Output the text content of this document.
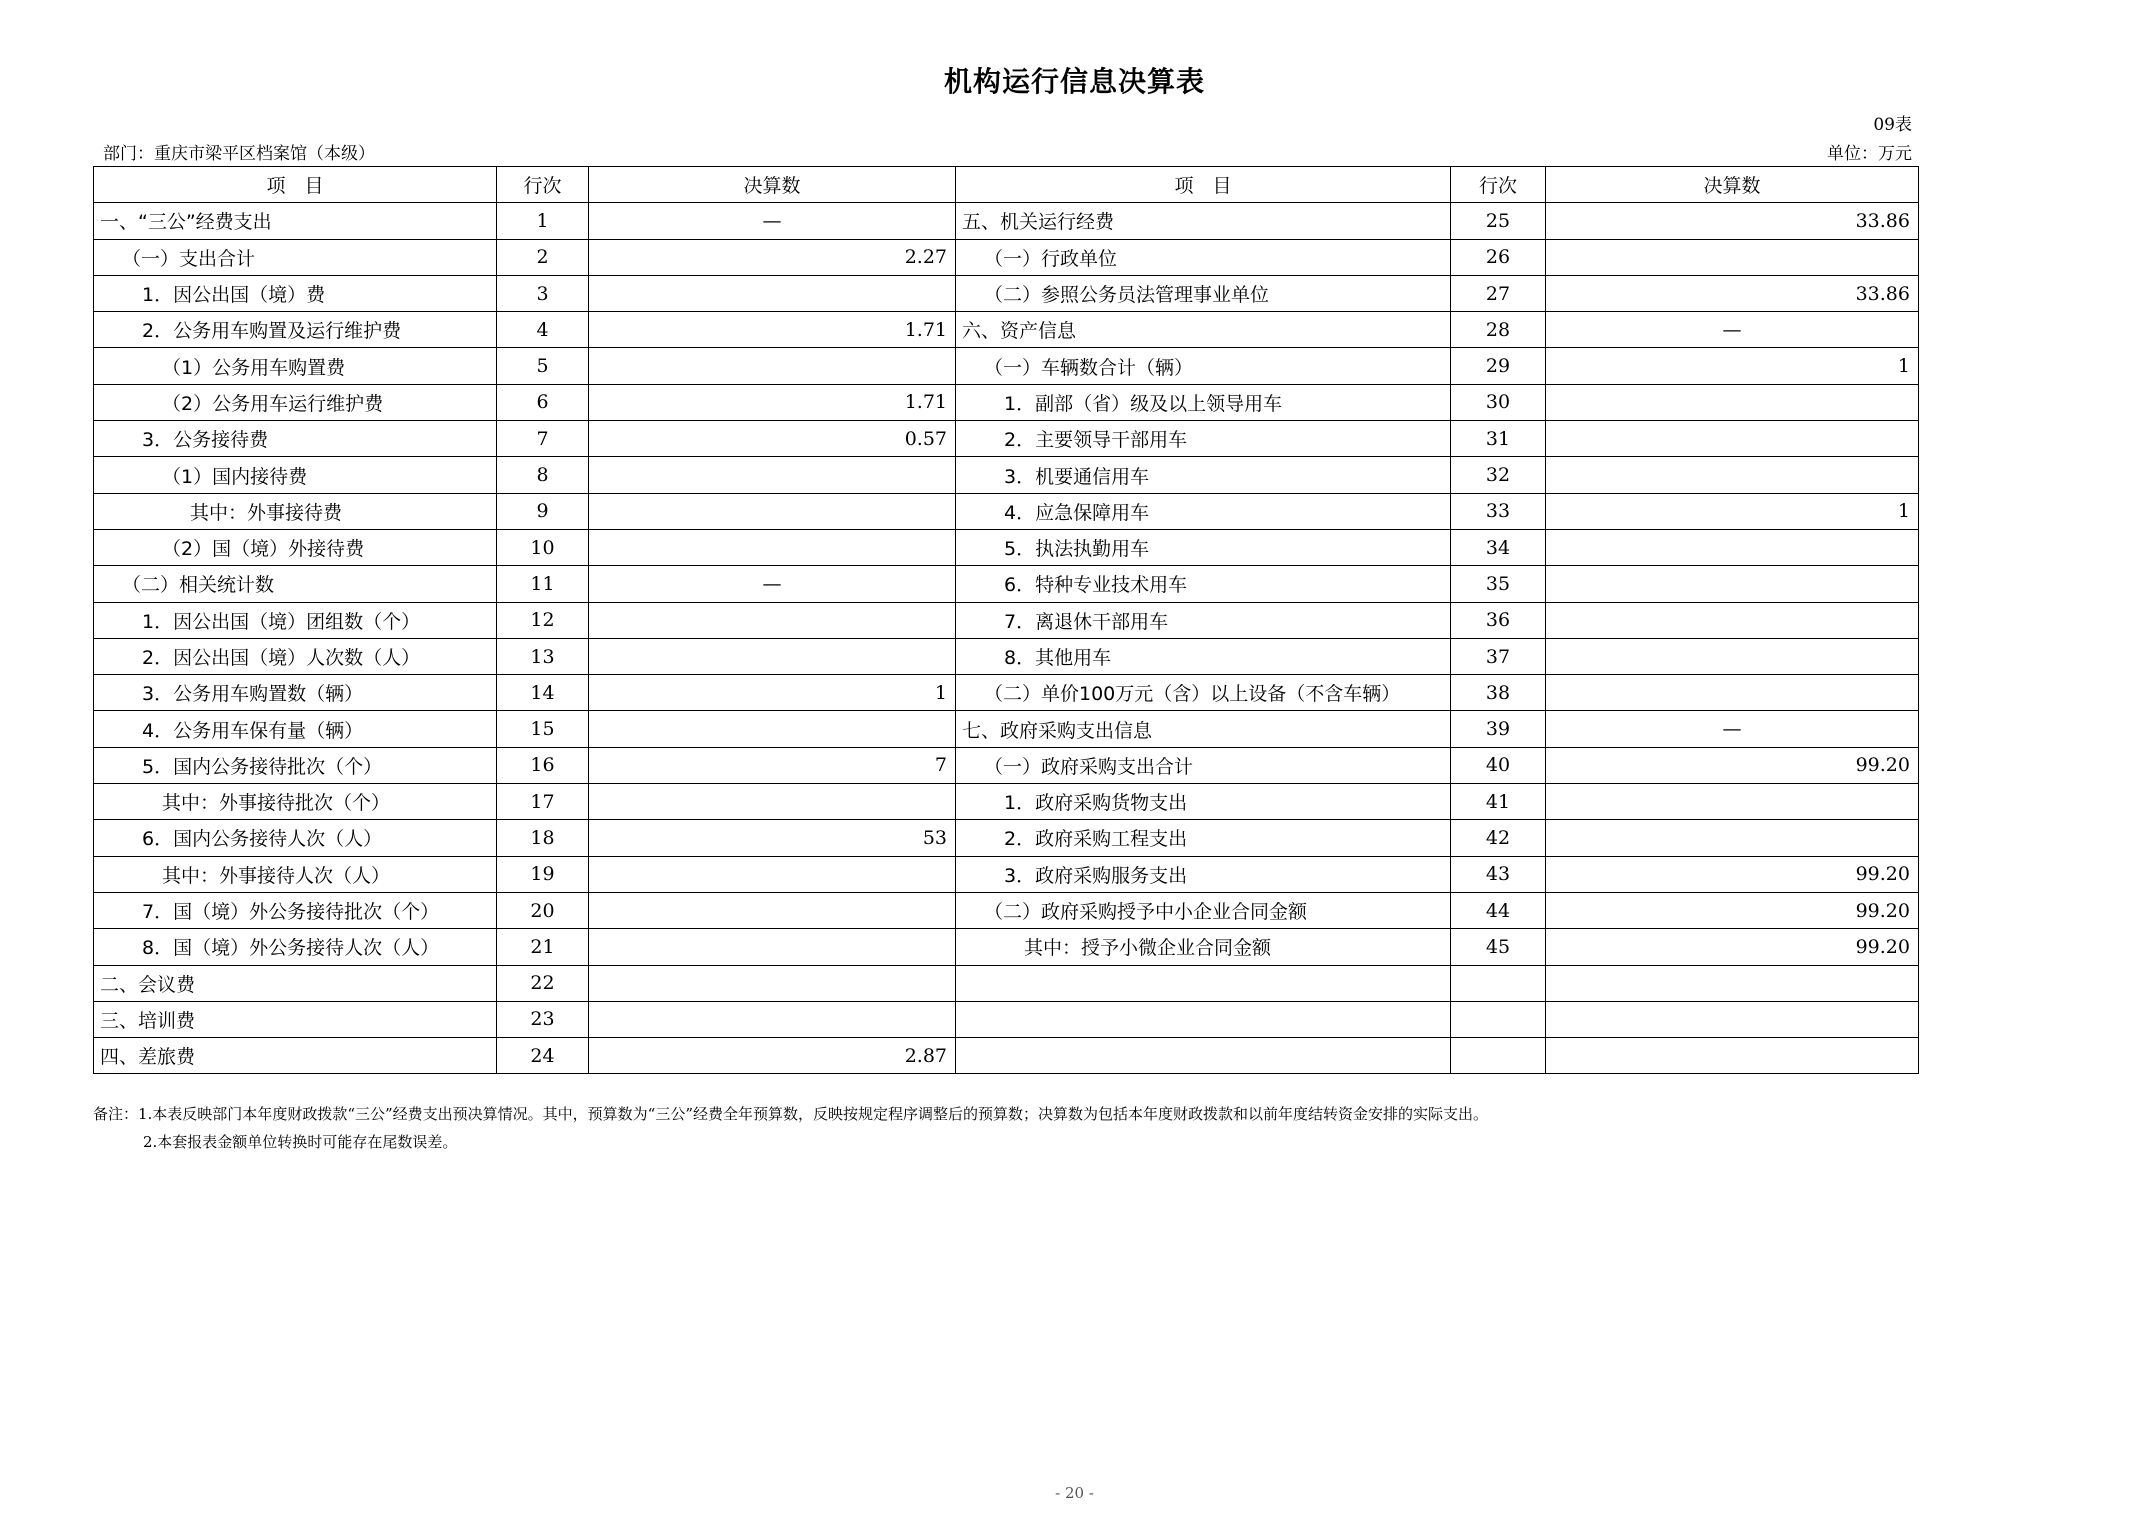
机构运行信息决算表
09表
部门：重庆市梁平区档案馆（本级）	单位：万元
项　目	行次	决算数	项　目	行次	决算数
一、“三公”经费支出	1	—	五、机关运行经费	25	33.86
（一）支出合计	2	2.27	（一）行政单位	26	
1．因公出国（境）费	3		（二）参照公务员法管理事业单位	27	33.86
2．公务用车购置及运行维护费	4	1.71	六、资产信息	28	—
（1）公务用车购置费	5		（一）车辆数合计（辆）	29	1
（2）公务用车运行维护费	6	1.71	1．副部（省）级及以上领导用车	30	
3．公务接待费	7	0.57	2．主要领导干部用车	31	
（1）国内接待费	8		3．机要通信用车	32	
其中：外事接待费	9		4．应急保障用车	33	1
（2）国（境）外接待费	10		5．执法执勤用车	34	
（二）相关统计数	11	—	6．特种专业技术用车	35	
1．因公出国（境）团组数（个）	12		7．离退休干部用车	36	
2．因公出国（境）人次数（人）	13		8．其他用车	37	
3．公务用车购置数（辆）	14	1	（二）单价100万元（含）以上设备（不含车辆）	38	
4．公务用车保有量（辆）	15		七、政府采购支出信息	39	—
5．国内公务接待批次（个）	16	7	（一）政府采购支出合计	40	99.20
其中：外事接待批次（个）	17		1．政府采购货物支出	41	
6．国内公务接待人次（人）	18	53	2．政府采购工程支出	42	
其中：外事接待人次（人）	19		3．政府采购服务支出	43	99.20
7．国（境）外公务接待批次（个）	20		（二）政府采购授予中小企业合同金额	44	99.20
8．国（境）外公务接待人次（人）	21		其中：授予小微企业合同金额	45	99.20
二、会议费	22				
三、培训费	23				
四、差旅费	24	2.87			
备注：1.本表反映部门本年度财政拨款“三公”经费支出预决算情况。其中，预算数为“三公”经费全年预算数，反映按规定程序调整后的预算数；决算数为包括本年度财政拨款和以前年度结转资金安排的实际支出。
2.本套报表金额单位转换时可能存在尾数误差。
- 20 -
